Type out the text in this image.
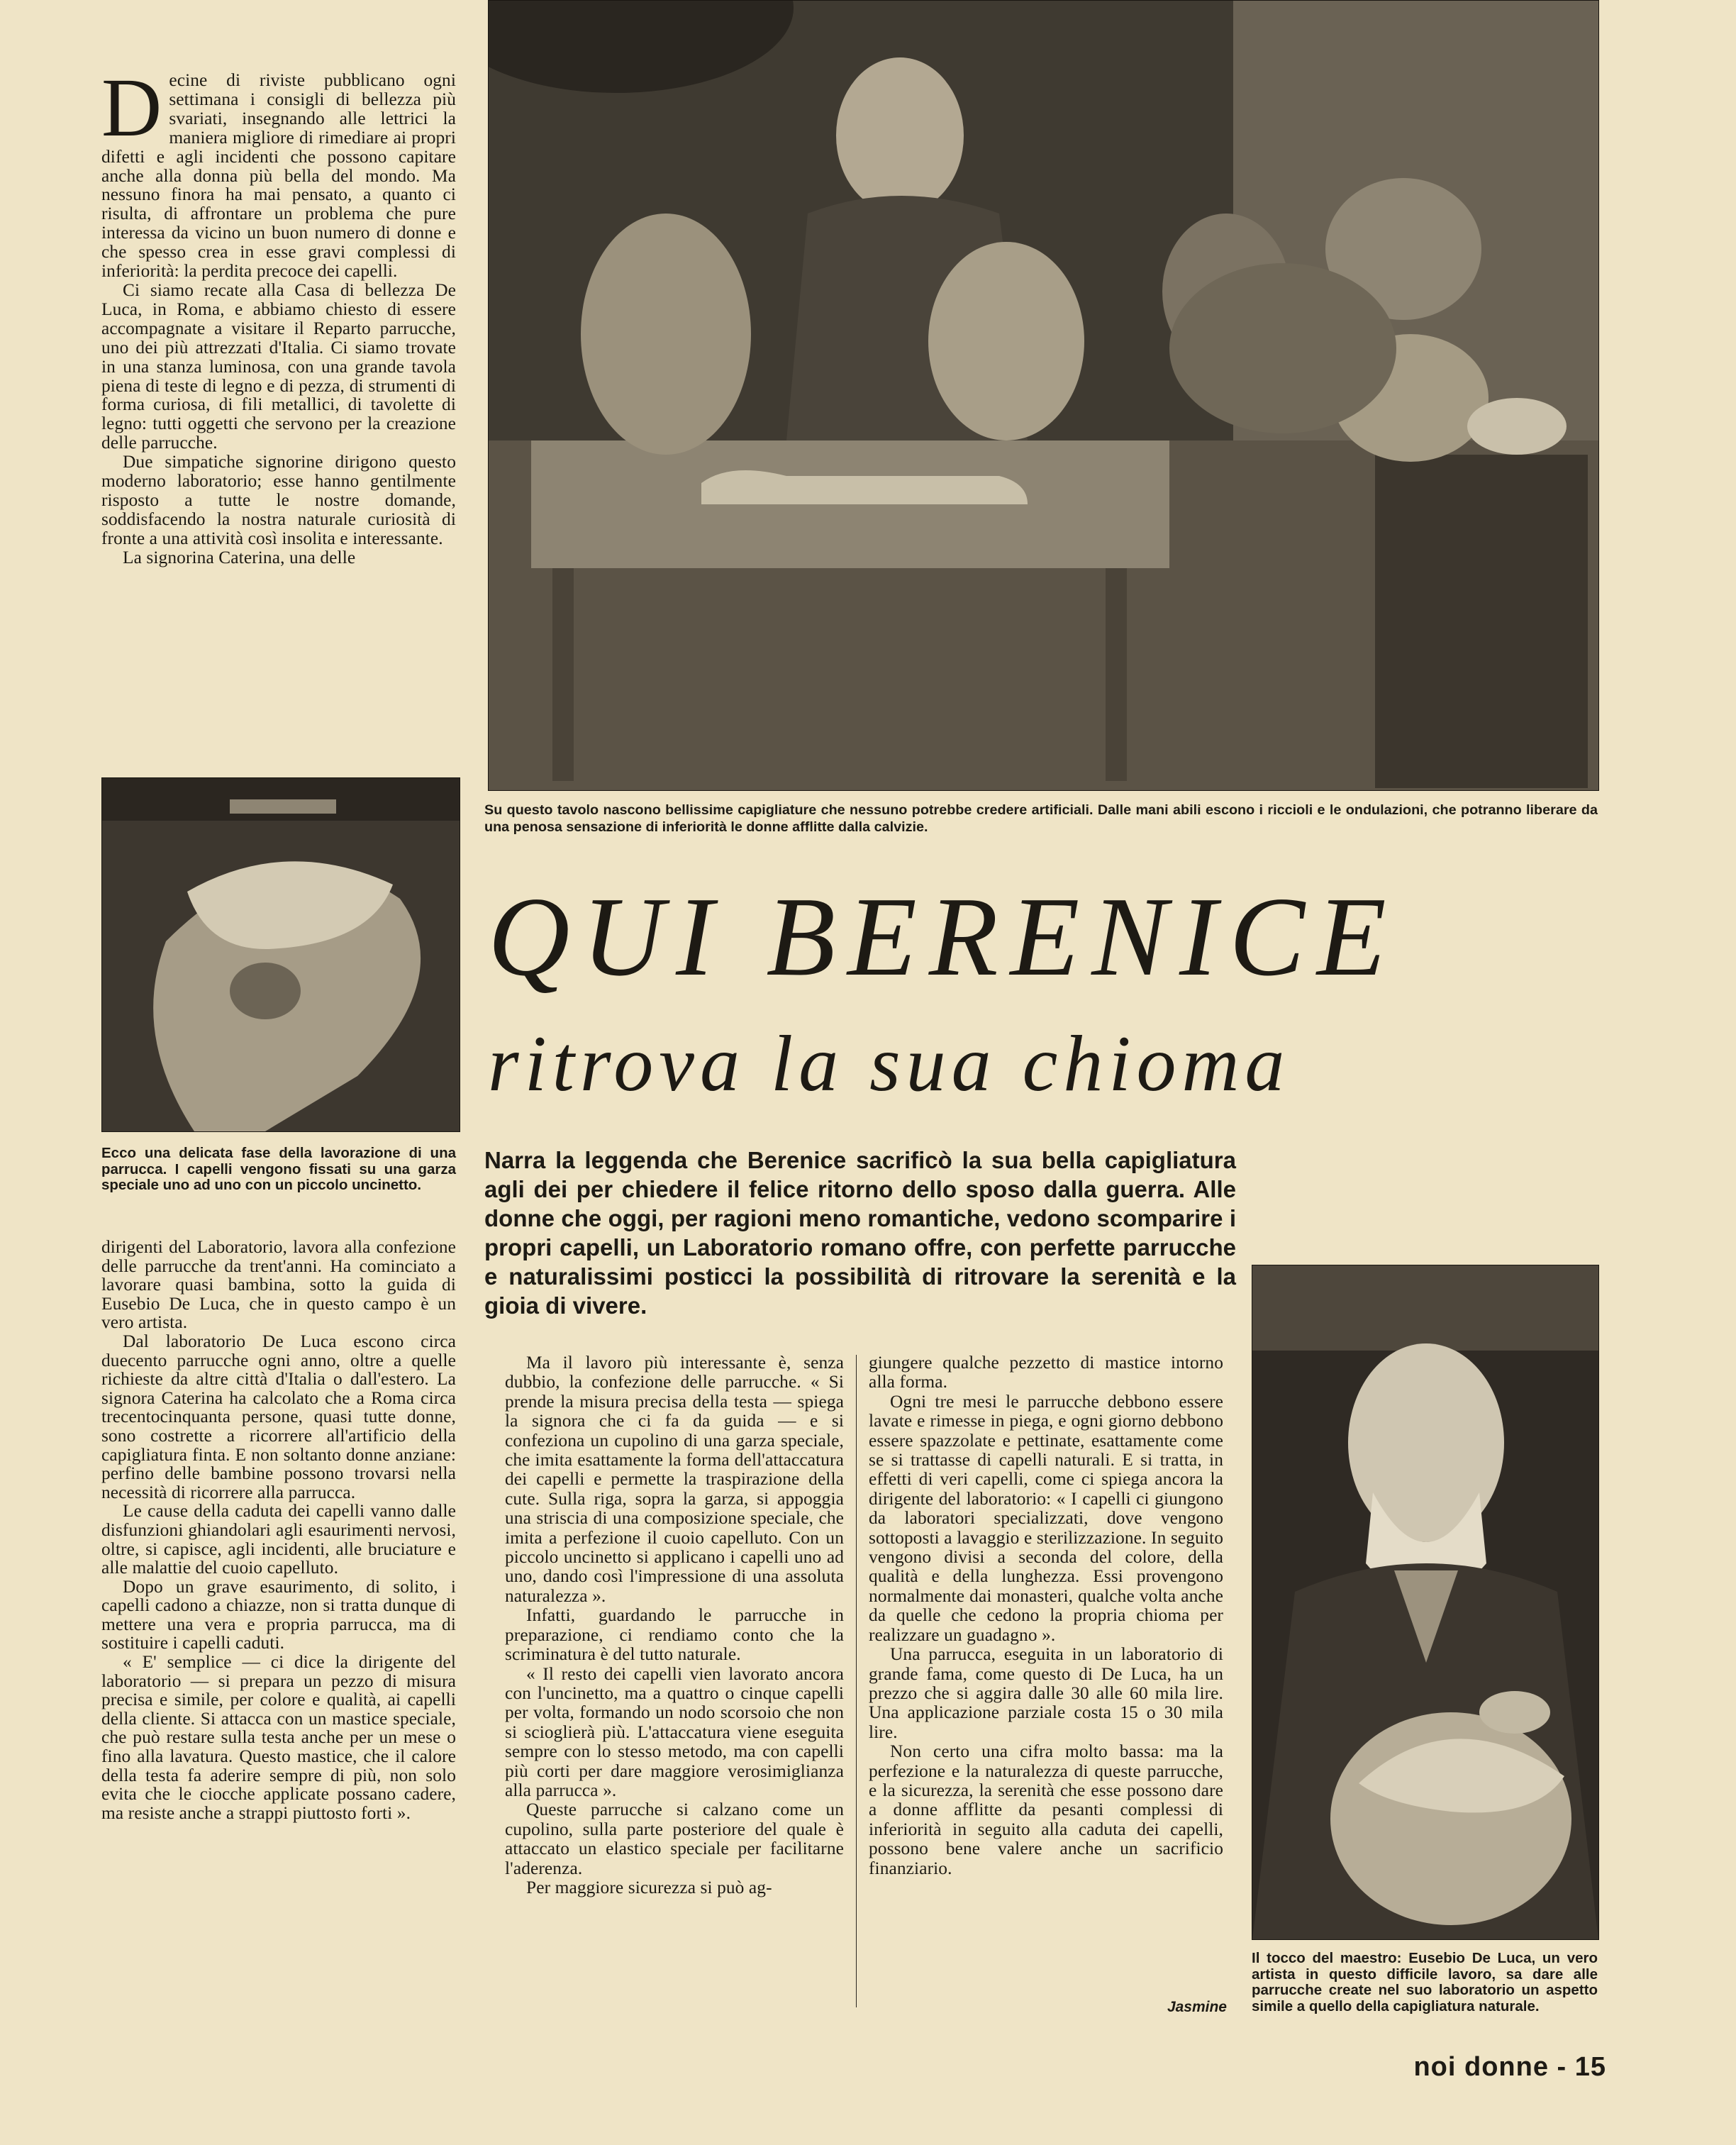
Decine di riviste pubblicano ogni settimana i consigli di bellezza più svariati, insegnando alle lettrici la maniera migliore di rimediare ai propri difetti e agli incidenti che possono capitare anche alla donna più bella del mondo. Ma nessuno finora ha mai pensato, a quanto ci risulta, di affrontare un problema che pure interessa da vicino un buon numero di donne e che spesso crea in esse gravi complessi di inferiorità: la perdita precoce dei capelli.

Ci siamo recate alla Casa di bellezza De Luca, in Roma, e abbiamo chiesto di essere accompagnate a visitare il Reparto parrucche, uno dei più attrezzati d'Italia. Ci siamo trovate in una stanza luminosa, con una grande tavola piena di teste di legno e di pezza, di strumenti di forma curiosa, di fili metallici, di tavolette di legno: tutti oggetti che servono per la creazione delle parrucche.

Due simpatiche signorine dirigono questo moderno laboratorio; esse hanno gentilmente risposto a tutte le nostre domande, soddisfacendo la nostra naturale curiosità di fronte a una attività così insolita e interessante.

La signorina Caterina, una delle

Su questo tavolo nascono bellissime capigliature che nessuno potrebbe credere artificiali. Dalle mani abili escono i riccioli e le ondulazioni, che potranno liberare da una penosa sensazione di inferiorità le donne afflitte dalla calvizie.
Ecco una delicata fase della lavorazione di una parrucca. I capelli vengono fissati su una garza speciale uno ad uno con un piccolo uncinetto.
QUI BERENICE
ritrova la sua chioma
Narra la leggenda che Berenice sacrificò la sua bella capigliatura agli dei per chiedere il felice ritorno dello sposo dalla guerra. Alle donne che oggi, per ragioni meno romantiche, vedono scomparire i propri capelli, un Laboratorio romano offre, con perfette parrucche e naturalissimi posticci la possibilità di ritrovare la serenità e la gioia di vivere.

dirigenti del Laboratorio, lavora alla confezione delle parrucche da trent'anni. Ha cominciato a lavorare quasi bambina, sotto la guida di Eusebio De Luca, che in questo campo è un vero artista.

Dal laboratorio De Luca escono circa duecento parrucche ogni anno, oltre a quelle richieste da altre città d'Italia o dall'estero. La signora Caterina ha calcolato che a Roma circa trecentocinquanta persone, quasi tutte donne, sono costrette a ricorrere all'artificio della capigliatura finta. E non soltanto donne anziane: perfino delle bambine possono trovarsi nella necessità di ricorrere alla parrucca.

Le cause della caduta dei capelli vanno dalle disfunzioni ghiandolari agli esaurimenti nervosi, oltre, si capisce, agli incidenti, alle bruciature e alle malattie del cuoio capelluto.

Dopo un grave esaurimento, di solito, i capelli cadono a chiazze, non si tratta dunque di mettere una vera e propria parrucca, ma di sostituire i capelli caduti.

« E' semplice — ci dice la dirigente del laboratorio — si prepara un pezzo di misura precisa e simile, per colore e qualità, ai capelli della cliente. Si attacca con un mastice speciale, che può restare sulla testa anche per un mese o fino alla lavatura. Questo mastice, che il calore della testa fa aderire sempre di più, non solo evita che le ciocche applicate possano cadere, ma resiste anche a strappi piuttosto forti ».

Ma il lavoro più interessante è, senza dubbio, la confezione delle parrucche. « Si prende la misura precisa della testa — spiega la signora che ci fa da guida — e si confeziona un cupolino di una garza speciale, che imita esattamente la forma dell'attaccatura dei capelli e permette la traspirazione della cute. Sulla riga, sopra la garza, si appoggia una striscia di una composizione speciale, che imita a perfezione il cuoio capelluto. Con un piccolo uncinetto si applicano i capelli uno ad uno, dando così l'impressione di una assoluta naturalezza ».

Infatti, guardando le parrucche in preparazione, ci rendiamo conto che la scriminatura è del tutto naturale.

« Il resto dei capelli vien lavorato ancora con l'uncinetto, ma a quattro o cinque capelli per volta, formando un nodo scorsoio che non si scioglierà più. L'attaccatura viene eseguita sempre con lo stesso metodo, ma con capelli più corti per dare maggiore verosimiglianza alla parrucca ».

Queste parrucche si calzano come un cupolino, sulla parte posteriore del quale è attaccato un elastico speciale per facilitarne l'aderenza.

Per maggiore sicurezza si può ag-

giungere qualche pezzetto di mastice intorno alla forma.

Ogni tre mesi le parrucche debbono essere lavate e rimesse in piega, e ogni giorno debbono essere spazzolate e pettinate, esattamente come se si trattasse di capelli naturali. E si tratta, in effetti di veri capelli, come ci spiega ancora la dirigente del laboratorio: « I capelli ci giungono da laboratori specializzati, dove vengono sottoposti a lavaggio e sterilizzazione. In seguito vengono divisi a seconda del colore, della qualità e della lunghezza. Essi provengono normalmente dai monasteri, qualche volta anche da quelle che cedono la propria chioma per realizzare un guadagno ».

Una parrucca, eseguita in un laboratorio di grande fama, come questo di De Luca, ha un prezzo che si aggira dalle 30 alle 60 mila lire. Una applicazione parziale costa 15 o 30 mila lire.

Non certo una cifra molto bassa: ma la perfezione e la naturalezza di queste parrucche, e la sicurezza, la serenità che esse possono dare a donne afflitte da pesanti complessi di inferiorità in seguito alla caduta dei capelli, possono bene valere anche un sacrificio finanziario.

Jasmine
Il tocco del maestro: Eusebio De Luca, un vero artista in questo difficile lavoro, sa dare alle parrucche create nel suo laboratorio un aspetto simile a quello della capigliatura naturale.
noi donne - 15
